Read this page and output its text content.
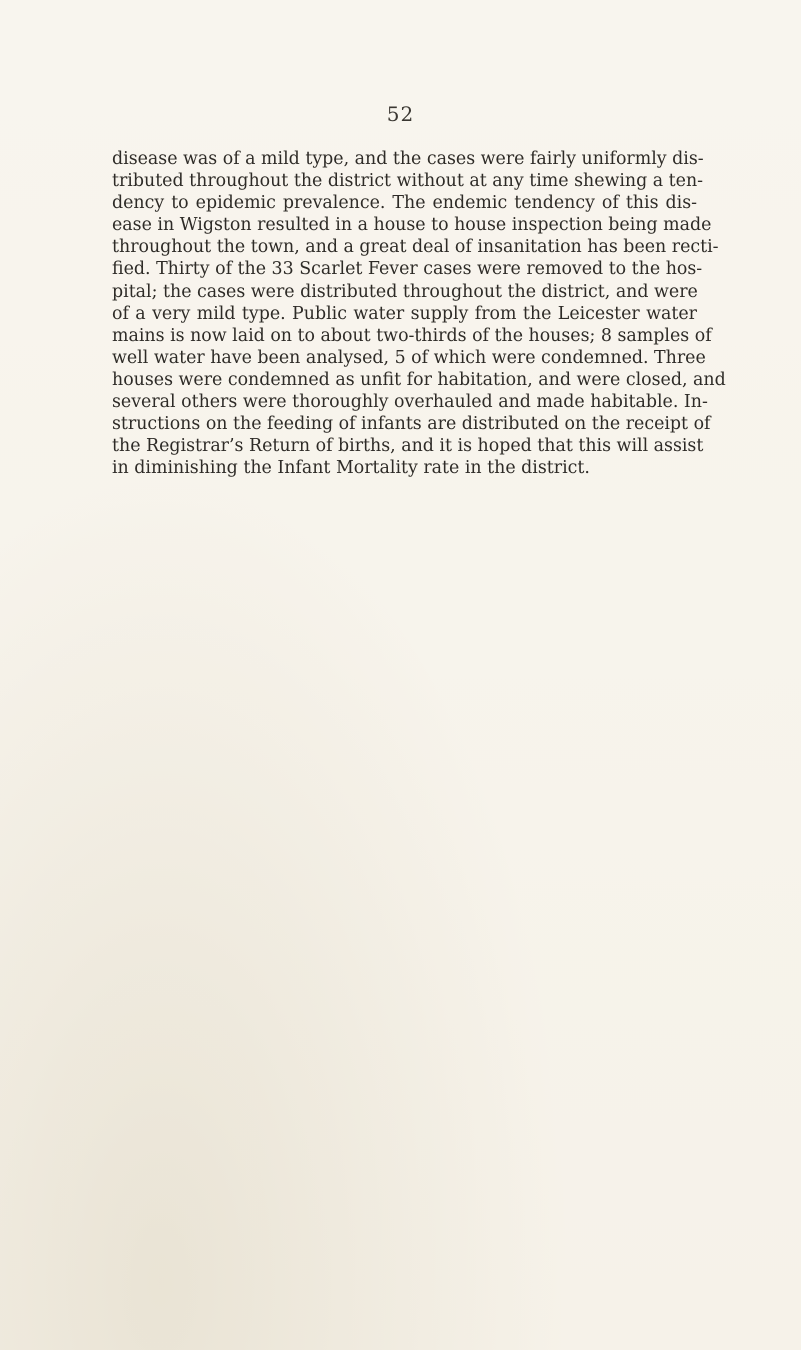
52
disease was of a mild type, and the cases were fairly uniformly dis-
tributed throughout the district without at any time shewing a ten-
dency to epidemic prevalence. The endemic tendency of this dis-
ease in Wigston resulted in a house to house inspection being made
throughout the town, and a great deal of insanitation has been recti-
fied. Thirty of the 33 Scarlet Fever cases were removed to the hos-
pital; the cases were distributed throughout the district, and were
of a very mild type. Public water supply from the Leicester water
mains is now laid on to about two-thirds of the houses; 8 samples of
well water have been analysed, 5 of which were condemned. Three
houses were condemned as unfit for habitation, and were closed, and
several others were thoroughly overhauled and made habitable. In-
structions on the feeding of infants are distributed on the receipt of
the Registrar’s Return of births, and it is hoped that this will assist
in diminishing the Infant Mortality rate in the district.
